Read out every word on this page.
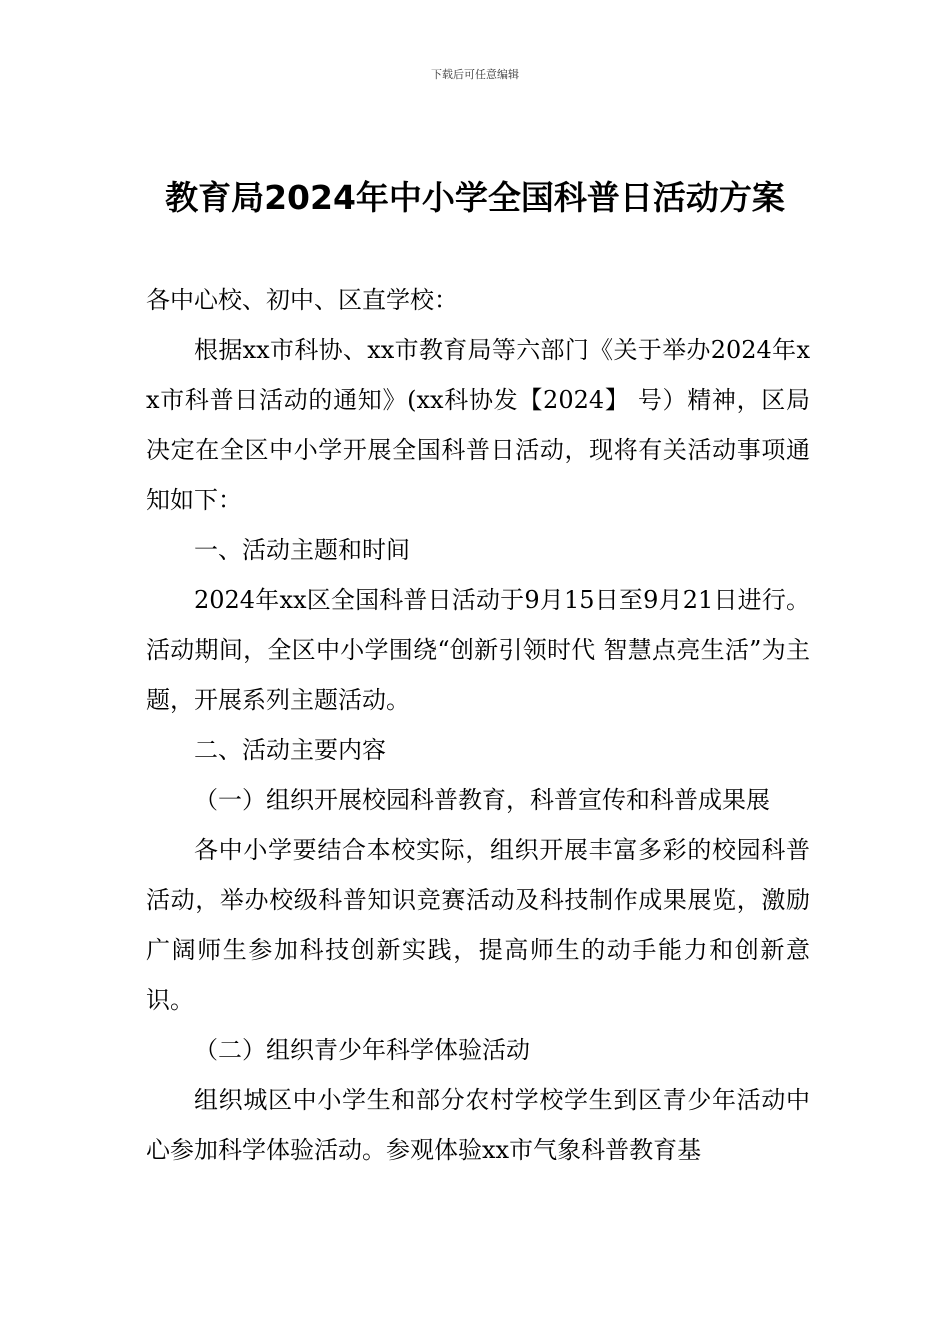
下载后可任意编辑
教育局2024年中小学全国科普日活动方案

各中心校、初中、区直学校：

根据xx市科协、xx市教育局等六部门《关于举办2024年xx市科普日活动的通知》(xx科协发【2024】 号）精神，区局决定在全区中小学开展全国科普日活动，现将有关活动事项通知如下：

一、活动主题和时间

2024年xx区全国科普日活动于9月15日至9月21日进行。活动期间，全区中小学围绕“创新引领时代 智慧点亮生活”为主题，开展系列主题活动。

二、活动主要内容

（一）组织开展校园科普教育，科普宣传和科普成果展

各中小学要结合本校实际，组织开展丰富多彩的校园科普活动，举办校级科普知识竞赛活动及科技制作成果展览，激励广阔师生参加科技创新实践，提高师生的动手能力和创新意识。

（二）组织青少年科学体验活动

组织城区中小学生和部分农村学校学生到区青少年活动中心参加科学体验活动。参观体验xx市气象科普教育基
